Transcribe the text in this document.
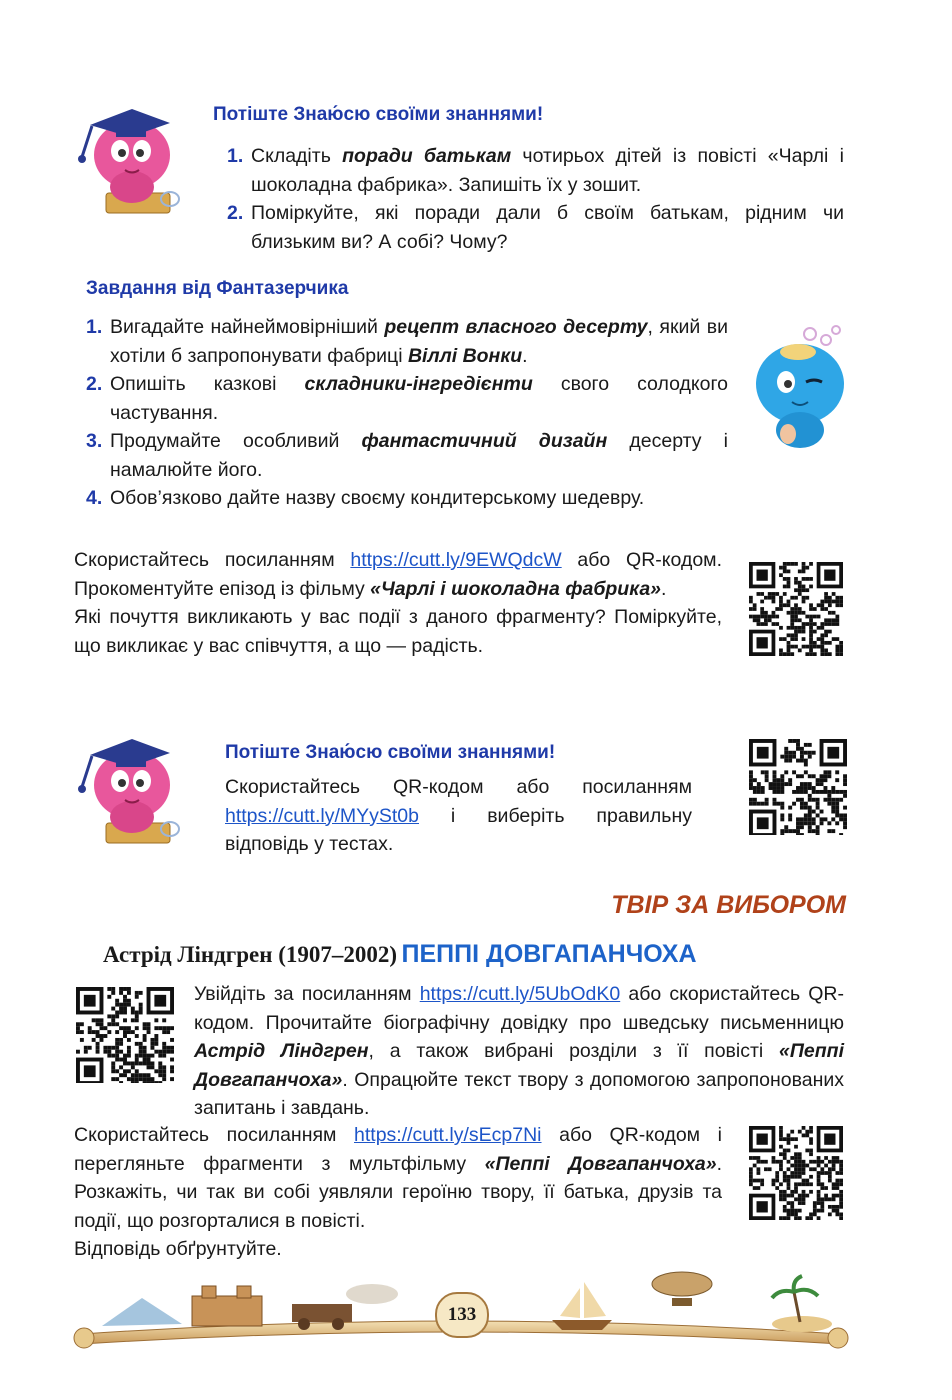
Потіште Знаю́сю своїми знаннями!
1. Складіть поради батькам чотирьох дітей із повісті «Чарлі і шоколадна фабрика». Запишіть їх у зошит.
2. Поміркуйте, які поради дали б своїм батькам, рідним чи близьким ви? А собі? Чому?
Завдання від Фантазерчика
1. Вигадайте найнеймовірніший рецепт власного десерту, який ви хотіли б запропонувати фабриці Віллі Вонки.
2. Опишіть казкові складники-інгредієнти свого солодкого частування.
3. Продумайте особливий фантастичний дизайн десерту і намалюйте його.
4. Обов’язково дайте назву своєму кондитерському шедевру.
Скористайтесь посиланням https://cutt.ly/9EWQdcW або QR-кодом. Прокоментуйте епізод із фільму «Чарлі і шоколадна фабрика».
Які почуття викликають у вас події з даного фрагменту? Поміркуйте, що викликає у вас співчуття, а що — радість.
Потіште Знаю́сю своїми знаннями!
Скористайтесь QR-кодом або посиланням https://cutt.ly/MYySt0b і виберіть правильну відповідь у тестах.
ТВІР ЗА ВИБОРОМ
Астрід Ліндгрен (1907–2002) ПЕППІ ДОВГАПАНЧОХА
Увійдіть за посиланням https://cutt.ly/5UbOdK0 або скористайтесь QR-кодом. Прочитайте біографічну довідку про шведську письменницю Астрід Ліндгрен, а також вибрані розділи з її повісті «Пеппі Довгапанчоха». Опрацюйте текст твору з допомогою запропонованих запитань і завдань.
Скористайтесь посиланням https://cutt.ly/sEcp7Ni або QR-кодом і перегляньте фрагменти з мультфільму «Пеппі Довгапанчоха». Розкажіть, чи так ви собі уявляли героїню твору, її батька, друзів та події, що розгорталися в повісті.
Відповідь обґрунтуйте.
133
